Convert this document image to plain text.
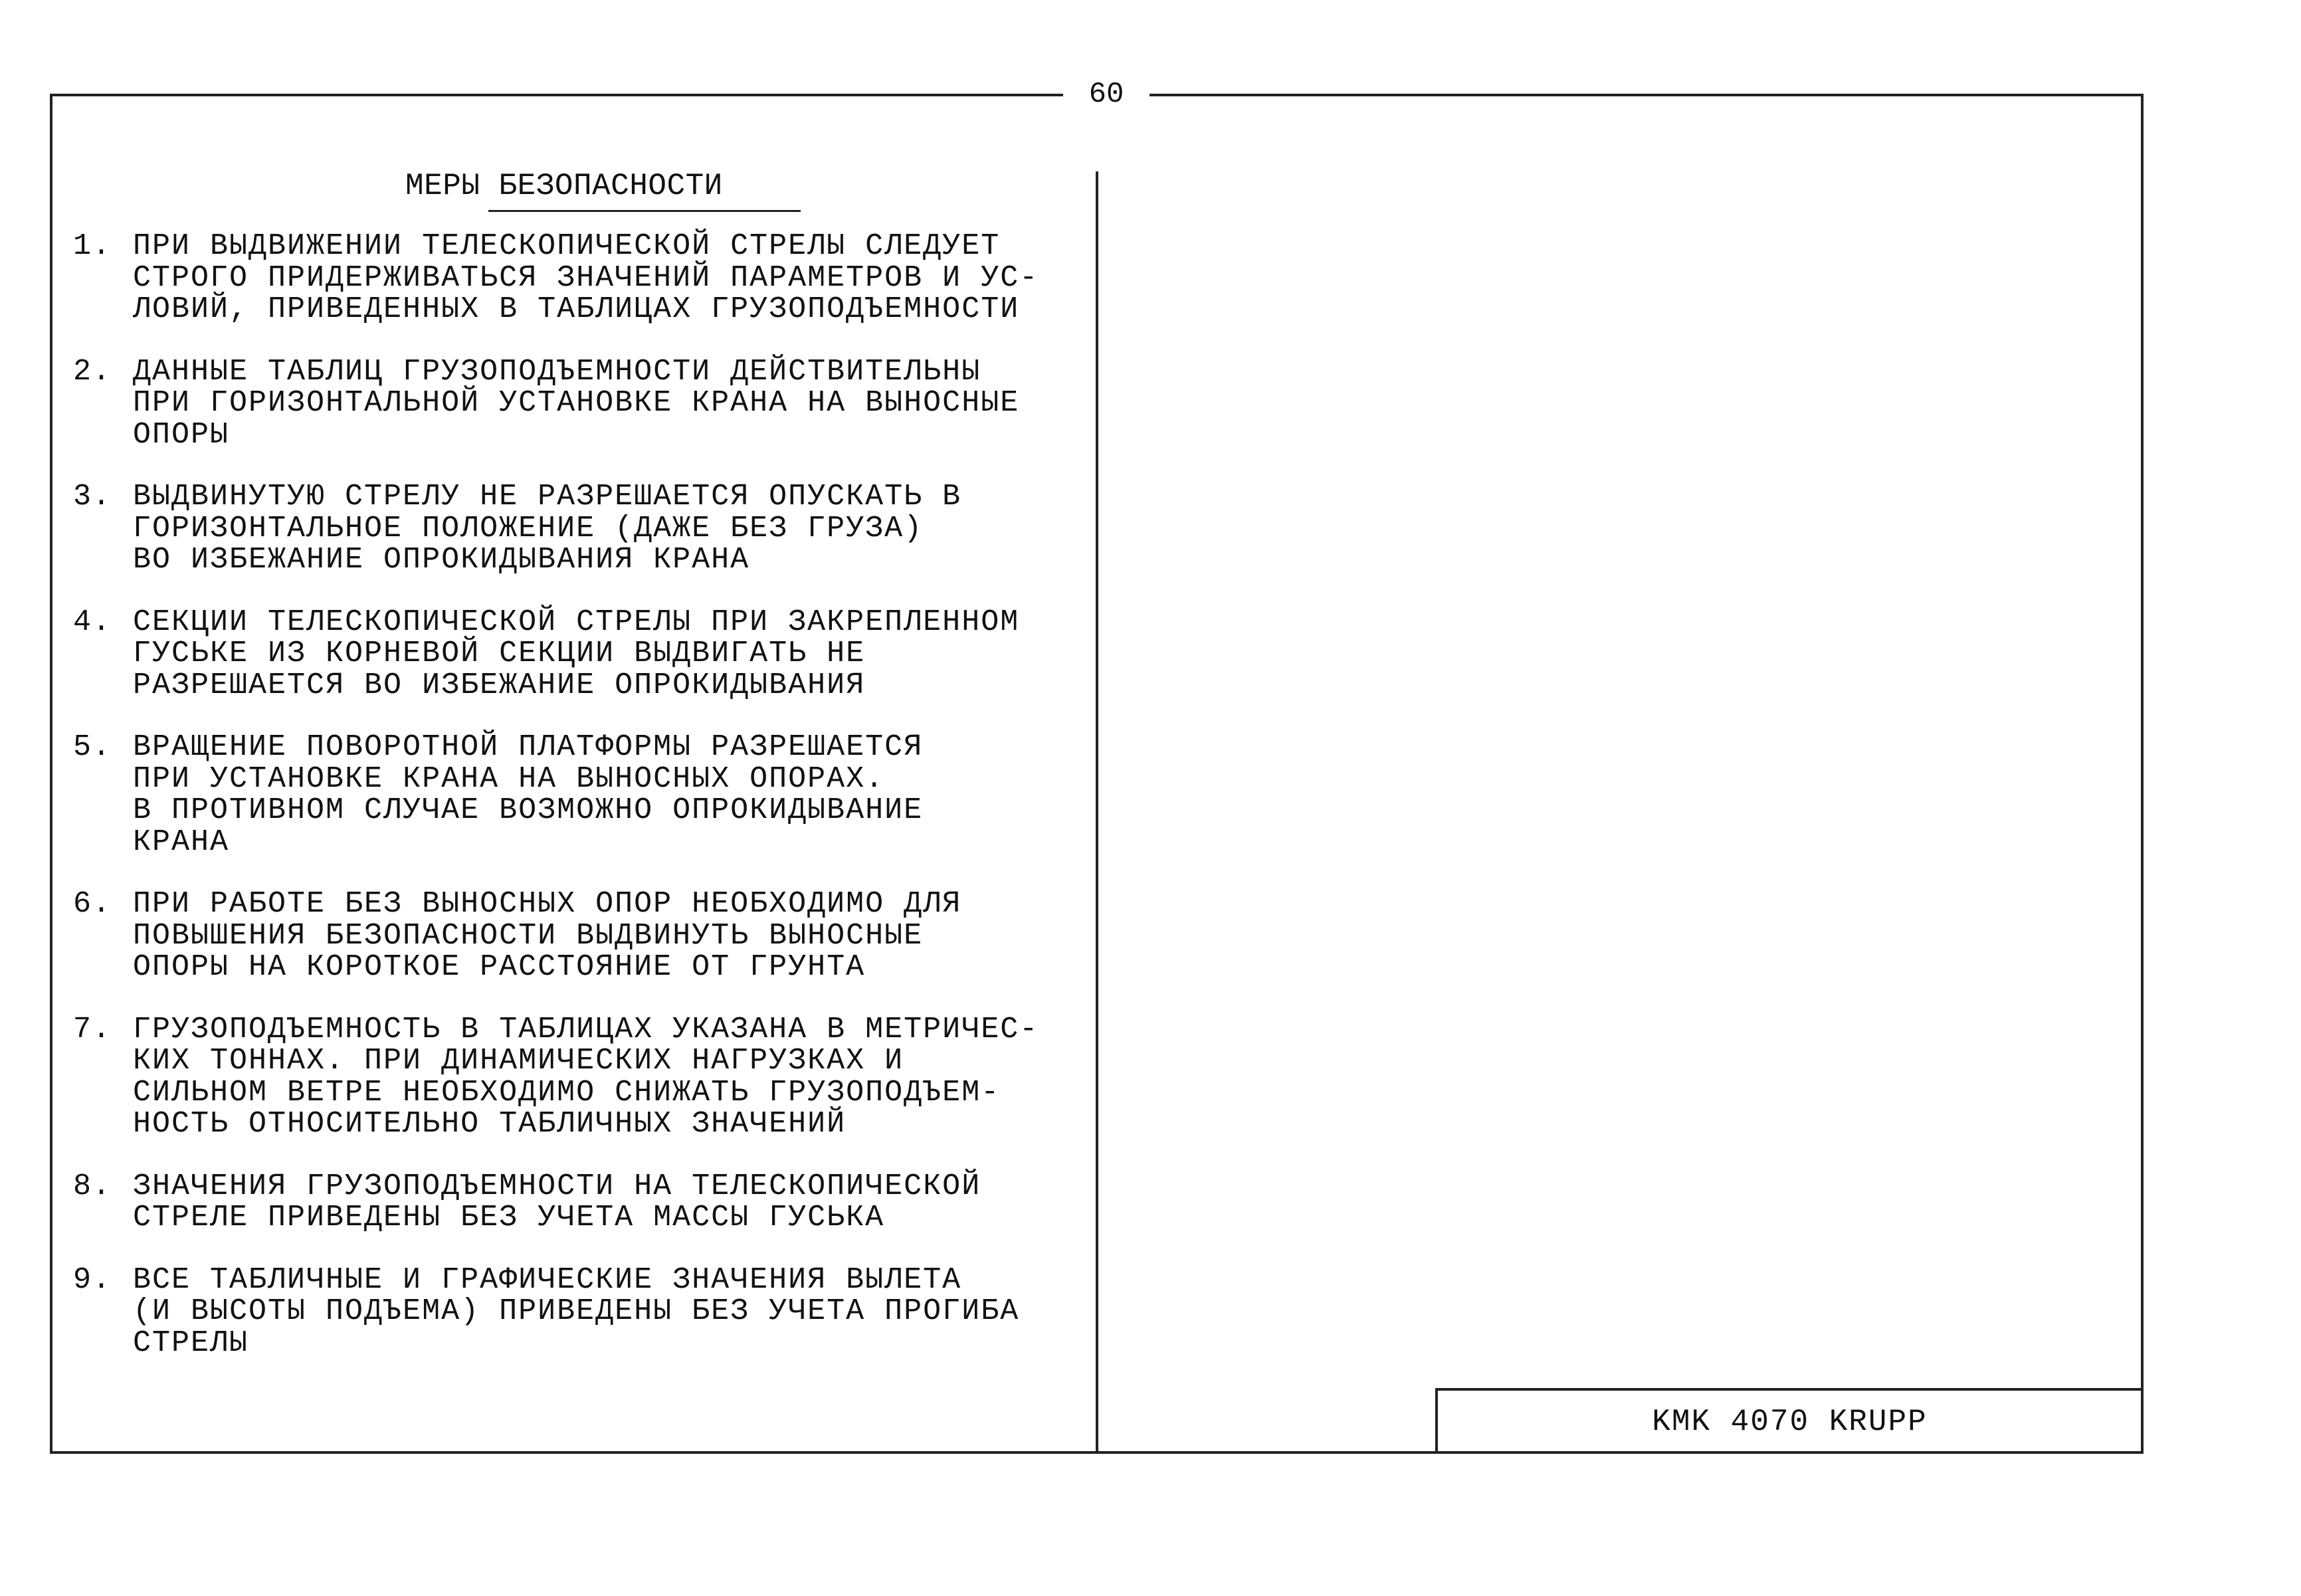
60
МЕРЫ БЕЗОПАСНОСТИ
1. ПРИ ВЫДВИЖЕНИИ ТЕЛЕСКОПИЧЕСКОЙ СТРЕЛЫ СЛЕДУЕТ
СТРОГО ПРИДЕРЖИВАТЬСЯ ЗНАЧЕНИЙ ПАРАМЕТРОВ И УС-
ЛОВИЙ, ПРИВЕДЕННЫХ В ТАБЛИЦАХ ГРУЗОПОДЪЕМНОСТИ
2. ДАННЫЕ ТАБЛИЦ ГРУЗОПОДЪЕМНОСТИ ДЕЙСТВИТЕЛЬНЫ
ПРИ ГОРИЗОНТАЛЬНОЙ УСТАНОВКЕ КРАНА НА ВЫНОСНЫЕ
ОПОРЫ
3. ВЫДВИНУТУЮ СТРЕЛУ НЕ РАЗРЕШАЕТСЯ ОПУСКАТЬ В
ГОРИЗОНТАЛЬНОЕ ПОЛОЖЕНИЕ (ДАЖЕ БЕЗ ГРУЗА)
ВО ИЗБЕЖАНИЕ ОПРОКИДЫВАНИЯ КРАНА
4. СЕКЦИИ ТЕЛЕСКОПИЧЕСКОЙ СТРЕЛЫ ПРИ ЗАКРЕПЛЕННОМ
ГУСЬКЕ ИЗ КОРНЕВОЙ СЕКЦИИ ВЫДВИГАТЬ НЕ
РАЗРЕШАЕТСЯ ВО ИЗБЕЖАНИЕ ОПРОКИДЫВАНИЯ
5. ВРАЩЕНИЕ ПОВОРОТНОЙ ПЛАТФОРМЫ РАЗРЕШАЕТСЯ
ПРИ УСТАНОВКЕ КРАНА НА ВЫНОСНЫХ ОПОРАХ.
В ПРОТИВНОМ СЛУЧАЕ ВОЗМОЖНО ОПРОКИДЫВАНИЕ
КРАНА
6. ПРИ РАБОТЕ БЕЗ ВЫНОСНЫХ ОПОР НЕОБХОДИМО ДЛЯ
ПОВЫШЕНИЯ БЕЗОПАСНОСТИ ВЫДВИНУТЬ ВЫНОСНЫЕ
ОПОРЫ НА КОРОТКОЕ РАССТОЯНИЕ ОТ ГРУНТА
7. ГРУЗОПОДЪЕМНОСТЬ В ТАБЛИЦАХ УКАЗАНА В МЕТРИЧЕС-
КИХ ТОННАХ. ПРИ ДИНАМИЧЕСКИХ НАГРУЗКАХ И
СИЛЬНОМ ВЕТРЕ НЕОБХОДИМО СНИЖАТЬ ГРУЗОПОДЪЕМ-
НОСТЬ ОТНОСИТЕЛЬНО ТАБЛИЧНЫХ ЗНАЧЕНИЙ
8. ЗНАЧЕНИЯ ГРУЗОПОДЪЕМНОСТИ НА ТЕЛЕСКОПИЧЕСКОЙ
СТРЕЛЕ ПРИВЕДЕНЫ БЕЗ УЧЕТА МАССЫ ГУСЬКА
9. ВСЕ ТАБЛИЧНЫЕ И ГРАФИЧЕСКИЕ ЗНАЧЕНИЯ ВЫЛЕТА
(И ВЫСОТЫ ПОДЪЕМА) ПРИВЕДЕНЫ БЕЗ УЧЕТА ПРОГИБА
СТРЕЛЫ
KMK 4070 KRUPP
